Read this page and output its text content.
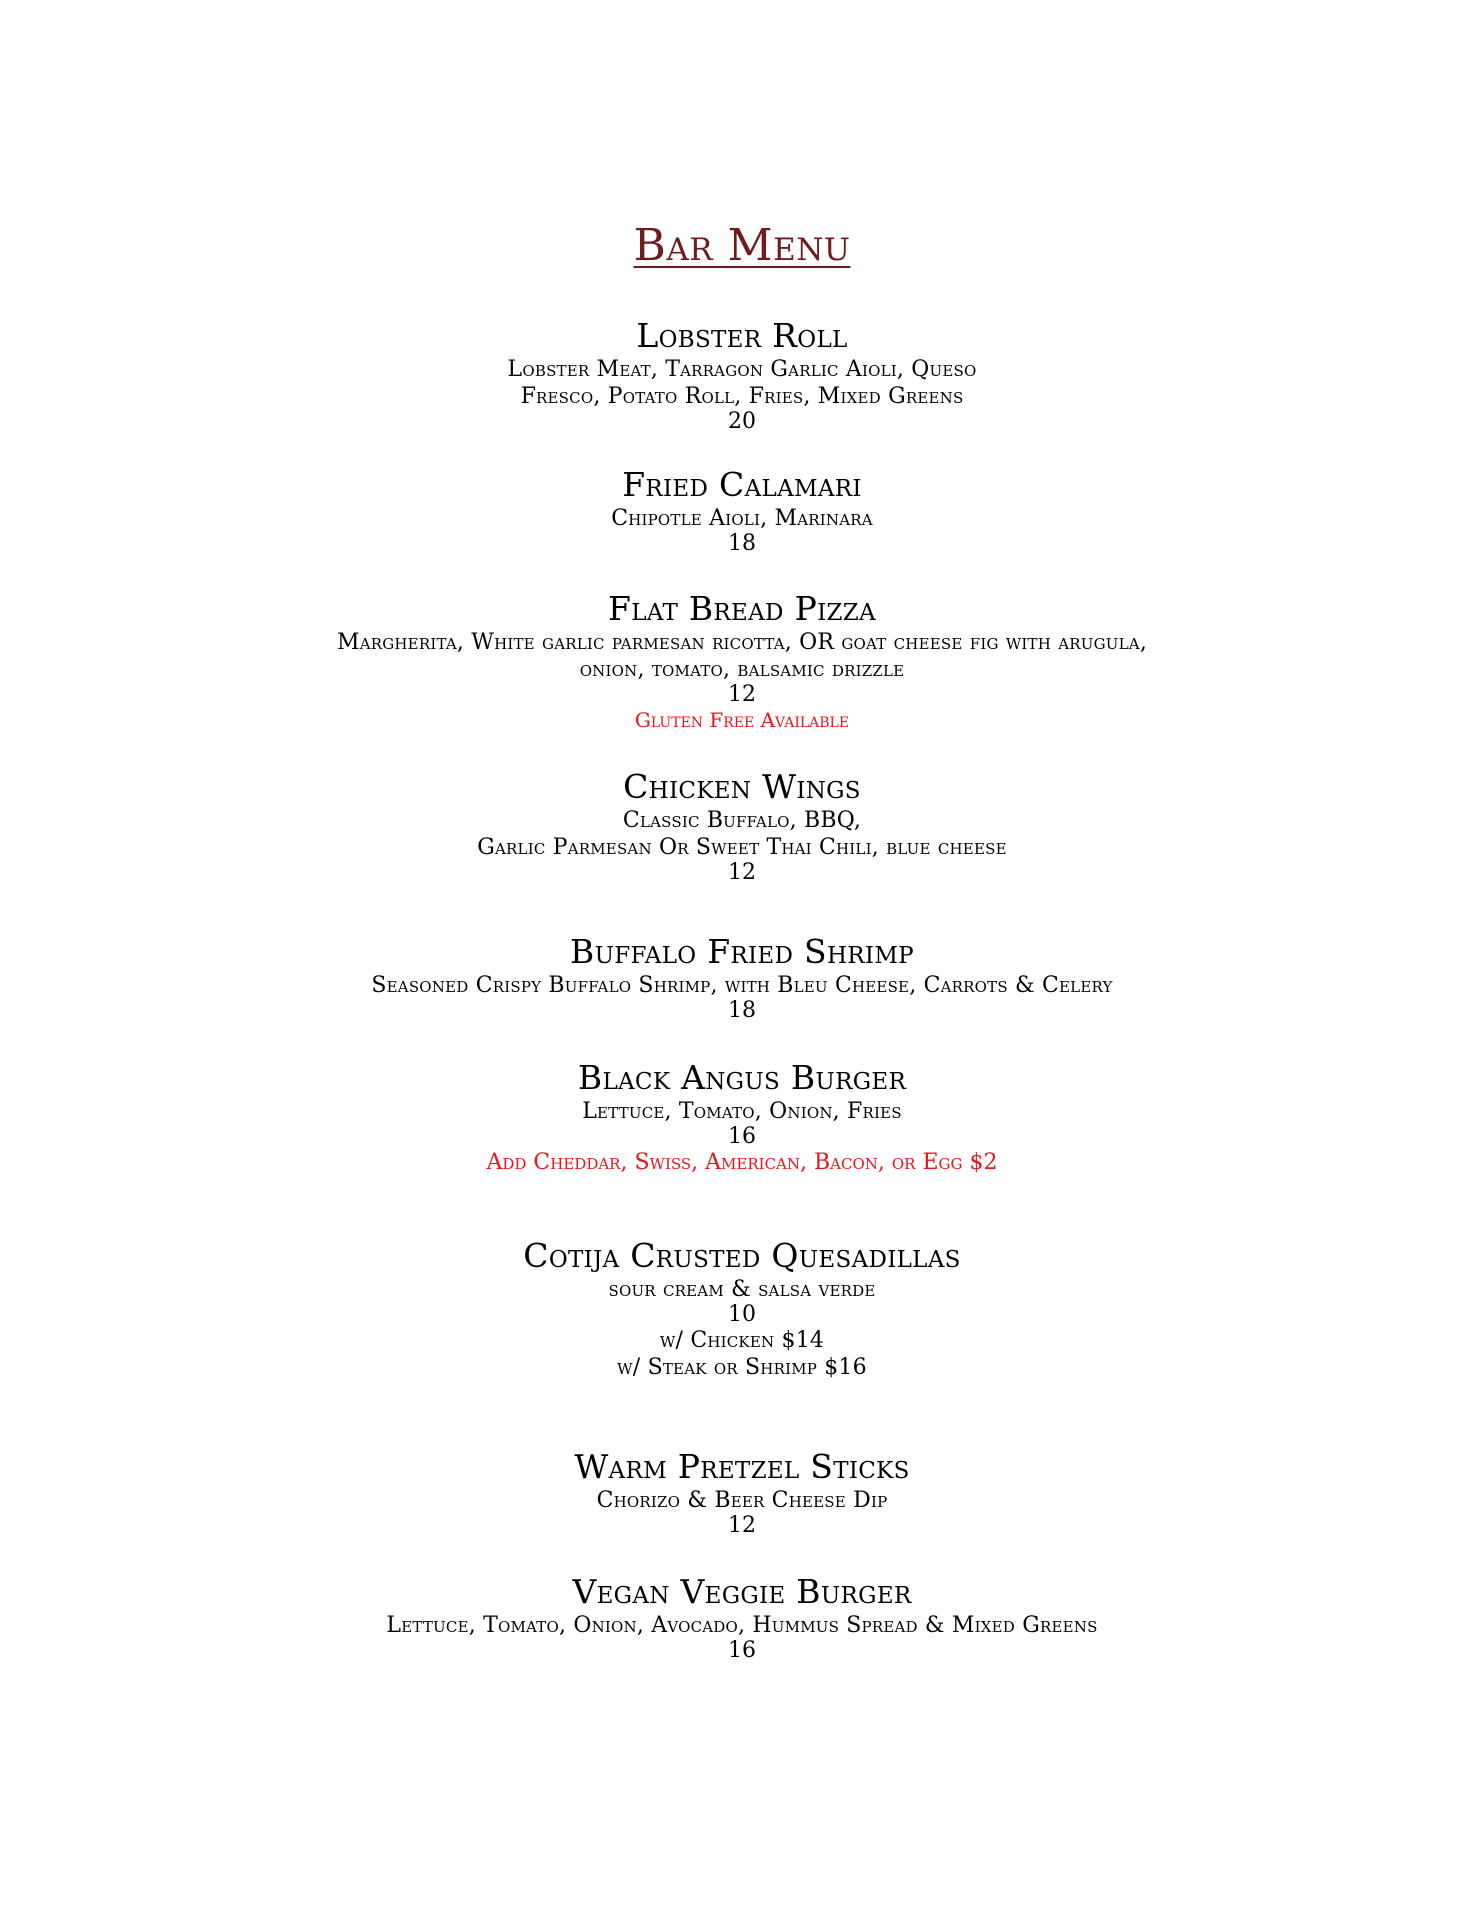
Bar Menu
Lobster Roll
Lobster Meat, Tarragon Garlic Aioli, Queso
Fresco, Potato Roll, Fries, Mixed Greens
20
Fried Calamari
Chipotle Aioli, Marinara
18
Flat Bread Pizza
Margherita, White garlic parmesan ricotta, OR goat cheese fig with arugula,
onion, tomato, balsamic drizzle
12
Gluten Free Available
Chicken Wings
Classic Buffalo, BBQ,
Garlic Parmesan Or Sweet Thai Chili, blue cheese
12
Buffalo Fried Shrimp
Seasoned Crispy Buffalo Shrimp, with Bleu Cheese, Carrots & Celery
18
Black Angus Burger
Lettuce, Tomato, Onion, Fries
16
Add Cheddar, Swiss, American, Bacon, or Egg $2
Cotija Crusted Quesadillas
sour cream & salsa verde
10
w/ Chicken $14
w/ Steak or Shrimp $16
Warm Pretzel Sticks
Chorizo & Beer Cheese Dip
12
Vegan Veggie Burger
Lettuce, Tomato, Onion, Avocado, Hummus Spread & Mixed Greens
16
